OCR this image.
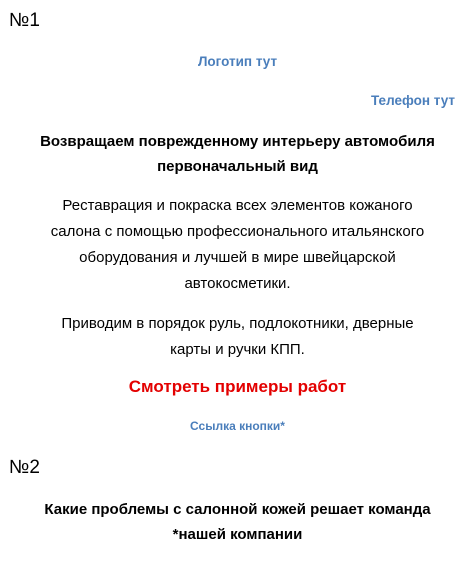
№1
Логотип тут
Телефон тут
Возвращаем поврежденному интерьеру автомобиля
первоначальный вид
Реставрация и покраска всех элементов кожаного
салона с помощью профессионального итальянского
оборудования и лучшей в мире швейцарской
автокосметики.
Приводим в порядок руль, подлокотники, дверные
карты и ручки КПП.
Смотреть примеры работ
Ссылка кнопки*
№2
Какие проблемы с салонной кожей решает команда
*нашей компании
